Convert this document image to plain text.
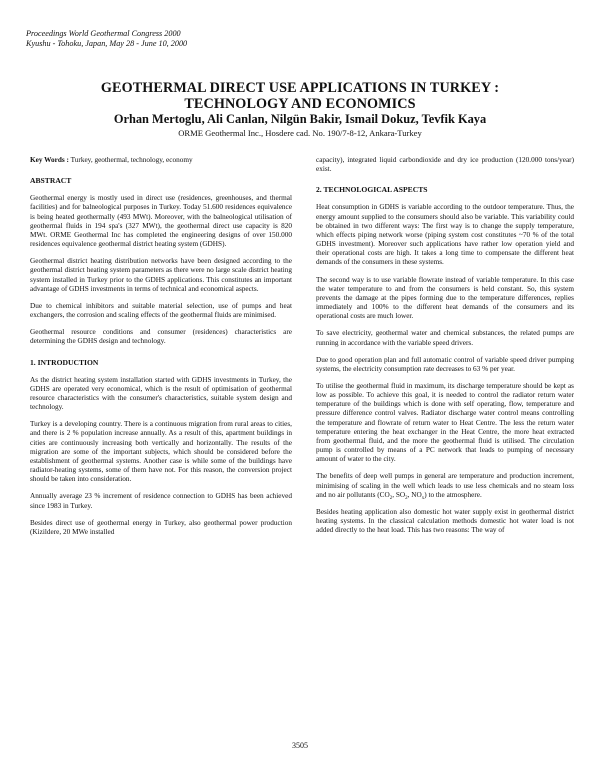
Proceedings World Geothermal Congress 2000
Kyushu - Tohoku, Japan, May 28 - June 10, 2000
GEOTHERMAL DIRECT USE APPLICATIONS IN TURKEY :
TECHNOLOGY AND ECONOMICS
Orhan Mertoglu, Ali Canlan, Nilgün Bakir, Ismail Dokuz, Tevfik Kaya
ORME Geothermal Inc., Hosdere cad. No. 190/7-8-12, Ankara-Turkey

Key Words : Turkey, geothermal, technology, economy

ABSTRACT

Geothermal energy is mostly used in direct use (residences, greenhouses, and thermal facilities) and for balneological purposes in Turkey. Today 51.600 residences equivalence is being heated geothermally (493 MWt). Moreover, with the balneological utilisation of geothermal fluids in 194 spa's (327 MWt), the geothermal direct use capacity is 820 MWt. ORME Geothermal Inc has completed the engineering designs of over 150.000 residences equivalence geothermal district heating system (GDHS).

Geothermal district heating distribution networks have been designed according to the geothermal district heating system parameters as there were no large scale district heating system installed in Turkey prior to the GDHS applications. This constitutes an important advantage of GDHS investments in terms of technical and economical aspects.

Due to chemical inhibitors and suitable material selection, use of pumps and heat exchangers, the corrosion and scaling effects of the geothermal fluids are minimised.

Geothermal resource conditions and consumer (residences) characteristics are determining the GDHS design and technology.

1. INTRODUCTION

As the district heating system installation started with GDHS investments in Turkey, the GDHS are operated very economical, which is the result of optimisation of geothermal resource characteristics with the consumer's characteristics, suitable system design and technology.

Turkey is a developing country. There is a continuous migration from rural areas to cities, and there is 2 % population increase annually. As a result of this, apartment buildings in cities are continuously increasing both vertically and horizontally. The results of the migration are some of the important subjects, which should be considered before the establishment of geothermal systems. Another case is while some of the buildings have radiator-heating systems, some of them have not. For this reason, the conversion project should be taken into consideration.

Annually average 23 % increment of residence connection to GDHS has been achieved since 1983 in Turkey.

Besides direct use of geothermal energy in Turkey, also geothermal power production (Kizildere, 20 MWe installed

capacity), integrated liquid carbondioxide and dry ice production (120.000 tons/year) exist.

2. TECHNOLOGICAL ASPECTS

Heat consumption in GDHS is variable according to the outdoor temperature. Thus, the energy amount supplied to the consumers should also be variable. This variability could be obtained in two different ways: The first way is to change the supply temperature, which effects piping network worse (piping system cost constitutes ~70 % of the total GDHS investment). Moreover such applications have rather low operation yield and their operational costs are high. It takes a long time to compensate the different heat demands of the consumers in these systems.

The second way is to use variable flowrate instead of variable temperature. In this case the water temperature to and from the consumers is held constant. So, this system prevents the damage at the pipes forming due to the temperature differences, replies immediately and 100% to the different heat demands of the consumers and its operational costs are much lower.

To save electricity, geothermal water and chemical substances, the related pumps are running in accordance with the variable speed drivers.

Due to good operation plan and full automatic control of variable speed driver pumping systems, the electricity consumption rate decreases to 63 % per year.

To utilise the geothermal fluid in maximum, its discharge temperature should be kept as low as possible. To achieve this goal, it is needed to control the radiator return water temperature of the buildings which is done with self operating, flow, temperature and pressure difference control valves. Radiator discharge water control means controlling the temperature and flowrate of return water to Heat Centre. The less the return water temperature entering the heat exchanger in the Heat Centre, the more heat extracted from geothermal fluid, and the more the geothermal fluid is utilised. The circulation pump is controlled by means of a PC network that leads to pumping of necessary amount of water to the city.

The benefits of deep well pumps in general are temperature and production increment, minimising of scaling in the well which leads to use less chemicals and no steam loss and no air pollutants ($CO_2$, $SO_2$, $NO_x$) to the atmosphere.

Besides heating application also domestic hot water supply exist in geothermal district heating systems. In the classical calculation methods domestic hot water load is not added directly to the heat load. This has two reasons: The way of

3505
